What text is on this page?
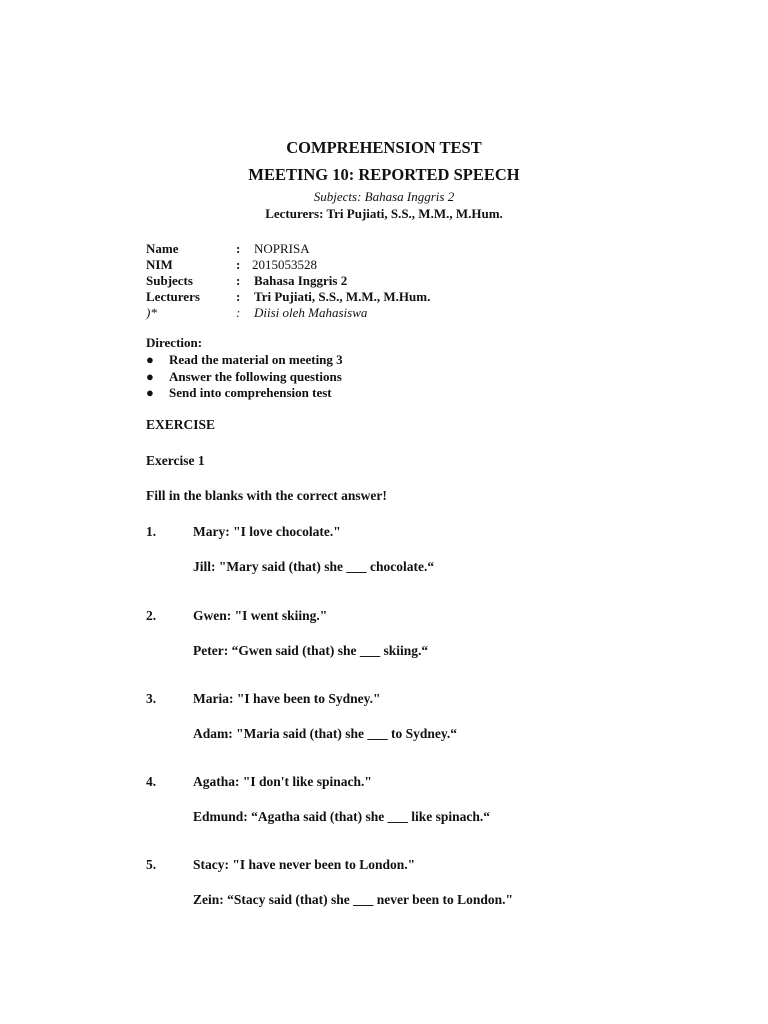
COMPREHENSION TEST
MEETING 10: REPORTED SPEECH
Subjects: Bahasa Inggris 2
Lecturers: Tri Pujiati, S.S., M.M., M.Hum.
Name	: NOPRISA
NIM	: 2015053528
Subjects	: Bahasa Inggris 2
Lecturers	: Tri Pujiati, S.S., M.M., M.Hum.
)*	: Diisi oleh Mahasiswa
Direction:
● Read the material on meeting 3
● Answer the following questions
● Send into comprehension test
EXERCISE
Exercise 1
Fill in the blanks with the correct answer!
1.	Mary: "I love chocolate."
Jill: "Mary said (that) she ___ chocolate.“
2.	Gwen: "I went skiing."
Peter: “Gwen said (that) she ___ skiing.“
3.	Maria: "I have been to Sydney."
Adam: "Maria said (that) she ___ to Sydney.“
4.	Agatha: "I don't like spinach."
Edmund: “Agatha said (that) she ___ like spinach.“
5.	Stacy: "I have never been to London."
Zein: “Stacy said (that) she ___ never been to London."
